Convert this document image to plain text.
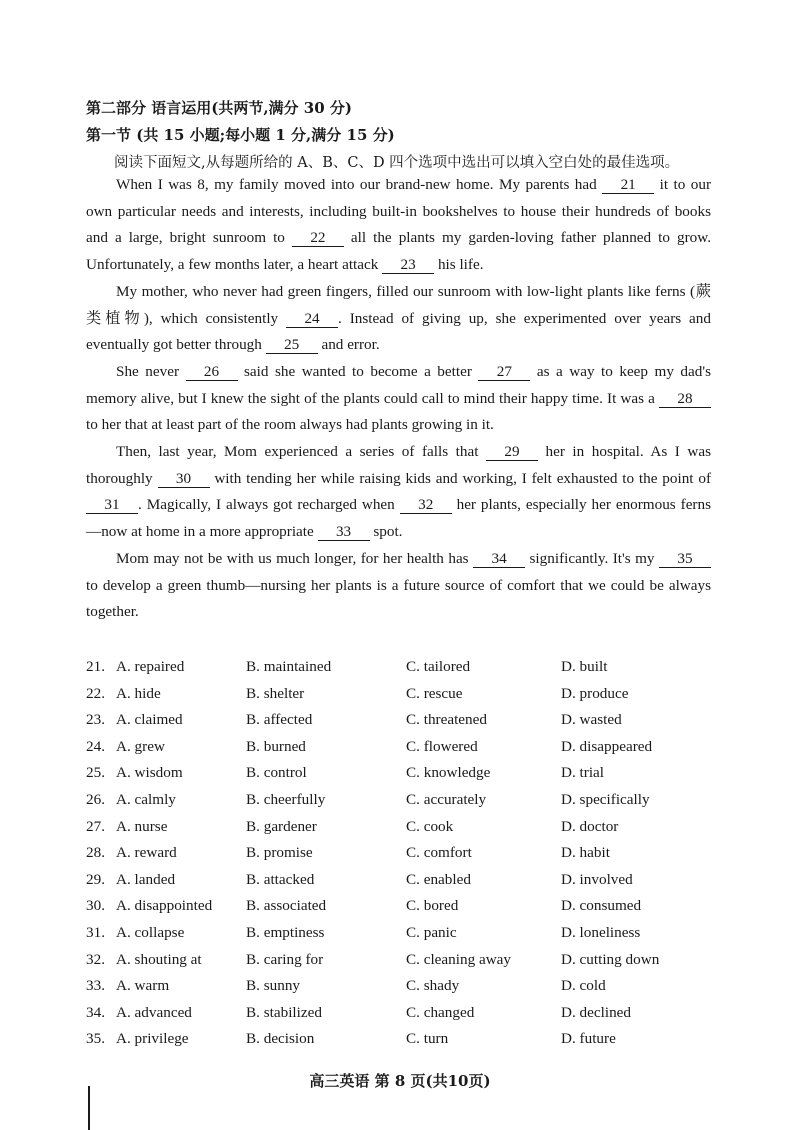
第二部分 语言运用(共两节,满分 30 分)
第一节 (共 15 小题;每小题 1 分,满分 15 分)
阅读下面短文,从每题所给的 A、B、C、D 四个选项中选出可以填入空白处的最佳选项。

When I was 8, my family moved into our brand-new home. My parents had 21 it to our own particular needs and interests, including built-in bookshelves to house their hundreds of books and a large, bright sunroom to 22 all the plants my garden-loving father planned to grow. Unfortunately, a few months later, a heart attack 23 his life.

My mother, who never had green fingers, filled our sunroom with low-light plants like ferns (蕨类植物), which consistently 24 . Instead of giving up, she experimented over years and eventually got better through 25 and error.

She never 26 said she wanted to become a better 27 as a way to keep my dad's memory alive, but I knew the sight of the plants could call to mind their happy time. It was a 28 to her that at least part of the room always had plants growing in it.

Then, last year, Mom experienced a series of falls that 29 her in hospital. As I was thoroughly 30 with tending her while raising kids and working, I felt exhausted to the point of 31 . Magically, I always got recharged when 32 her plants, especially her enormous ferns—now at home in a more appropriate 33 spot.

Mom may not be with us much longer, for her health has 34 significantly. It's my 35 to develop a green thumb—nursing her plants is a future source of comfort that we could be always together.

21. A. repaired	B. maintained	C. tailored	D. built
22. A. hide	B. shelter	C. rescue	D. produce
23. A. claimed	B. affected	C. threatened	D. wasted
24. A. grew	B. burned	C. flowered	D. disappeared
25. A. wisdom	B. control	C. knowledge	D. trial
26. A. calmly	B. cheerfully	C. accurately	D. specifically
27. A. nurse	B. gardener	C. cook	D. doctor
28. A. reward	B. promise	C. comfort	D. habit
29. A. landed	B. attacked	C. enabled	D. involved
30. A. disappointed B. associated	C. bored	D. consumed
31. A. collapse	B. emptiness	C. panic	D. loneliness
32. A. shouting at	B. caring for	C. cleaning away	D. cutting down
33. A. warm	B. sunny	C. shady	D. cold
34. A. advanced	B. stabilized	C. changed	D. declined
35. A. privilege	B. decision	C. turn	D. future
高三英语 第 8 页(共10页)
